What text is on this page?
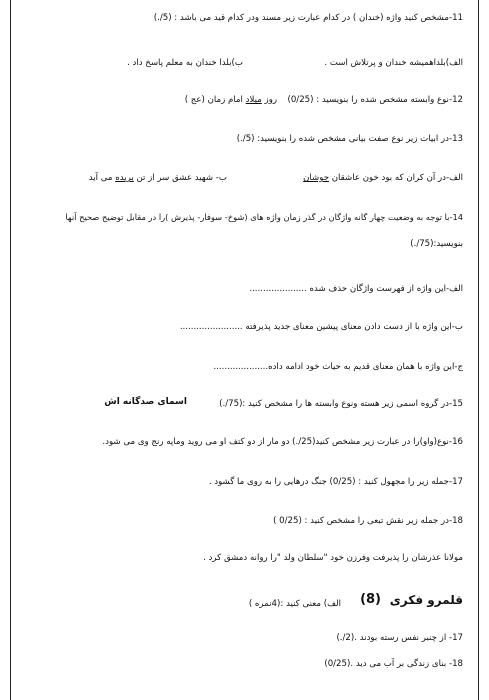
11-مشخص کنید واژه (خندان ) در کدام عبارت زیر مسند ودر کدام قید می باشد : (5/.)
الف)بلداهمیشه خندان و پرتلاش است .
ب)بلدا خندان به معلم پاسخ داد .
12-نوع وابسته مشخص شده را بنویسید : (0/25)
روز میلاد امام زمان (عج )
13-در ابیات زیر نوع صفت بیانی مشخص شده را بنویسید: (5/.)
الف-در آن کران که بود خون عاشقان جوشان
ب- شهید عشق سر از تن بریده می آید
14-با توجه به وضعیت چهار گانه واژگان در گذر زمان واژه های (شوخ- سوفار- پذیرش )را در مقابل توضیح صحیح آنها
بنویسید:(75/.)
الف-این واژه از فهرست واژگان حذف شده .....................
ب-این واژه با از دست دادن معنای پیشین معنای جدید پذیرفته .......................
ج-این واژه با همان معنای قدیم به حیات خود ادامه داده....................
15-در گروه اسمی زیر هسته ونوع وابسته ها را مشخص کنید :(75/.)
اسمای صدگانه اش
16-نوع(واو)را در عبارت زیر مشخص کنید(25/.) دو مار از دو کتف او می روید وماپه رنج وی می شود.
17-جمله زیر را مجهول کنید : (0/25) جنگ درهایی را به روی ما گشود .
18-در جمله زیر نقش تبعی را مشخص کنید : (0/25 )
مولانا عذرشان را پذیرفت وفرزن خود "سلطان ولد "را روانه دمشق کرد .
قلمرو فکری
(8)
الف) معنی کنید :(4نمره )
17- از چنبر نفس رسته بودند .(2/.)
18- بنای زندگی بر آب می دید .(0/25)
